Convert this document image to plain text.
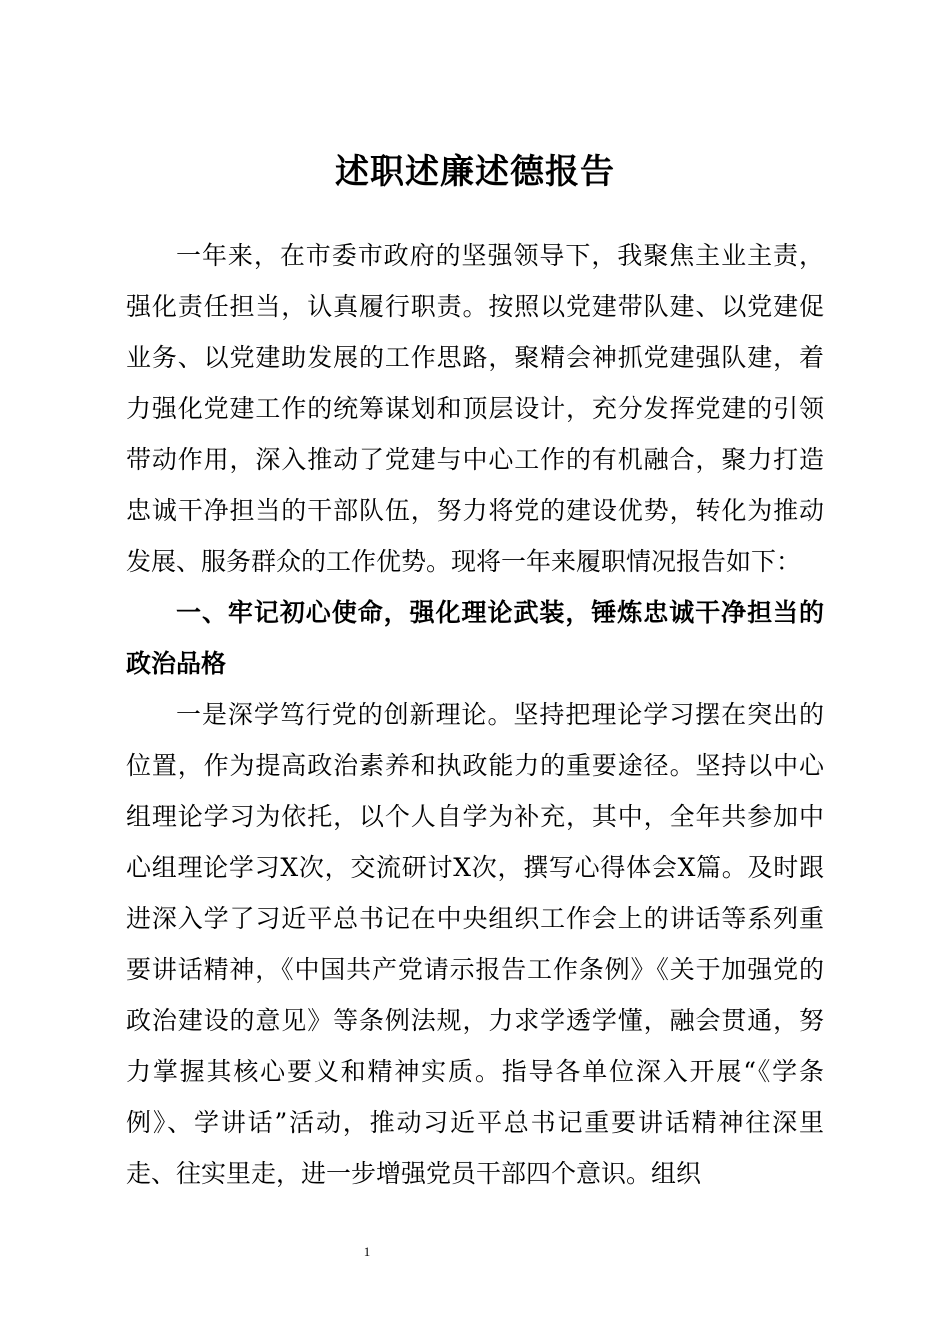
述职述廉述德报告

一年来，在市委市政府的坚强领导下，我聚焦主业主责，强化责任担当，认真履行职责。按照以党建带队建、以党建促业务、以党建助发展的工作思路，聚精会神抓党建强队建，着力强化党建工作的统筹谋划和顶层设计，充分发挥党建的引领带动作用，深入推动了党建与中心工作的有机融合，聚力打造忠诚干净担当的干部队伍，努力将党的建设优势，转化为推动发展、服务群众的工作优势。现将一年来履职情况报告如下：

一、牢记初心使命，强化理论武装，锤炼忠诚干净担当的政治品格

一是深学笃行党的创新理论。坚持把理论学习摆在突出的位置，作为提高政治素养和执政能力的重要途径。坚持以中心组理论学习为依托，以个人自学为补充，其中，全年共参加中心组理论学习X次，交流研讨X次，撰写心得体会X篇。及时跟进深入学了习近平总书记在中央组织工作会上的讲话等系列重要讲话精神，《中国共产党请示报告工作条例》《关于加强党的政治建设的意见》等条例法规，力求学透学懂，融会贯通，努力掌握其核心要义和精神实质。指导各单位深入开展“《学条例》、学讲话”活动，推动习近平总书记重要讲话精神往深里走、往实里走，进一步增强党员干部四个意识。组织

1
